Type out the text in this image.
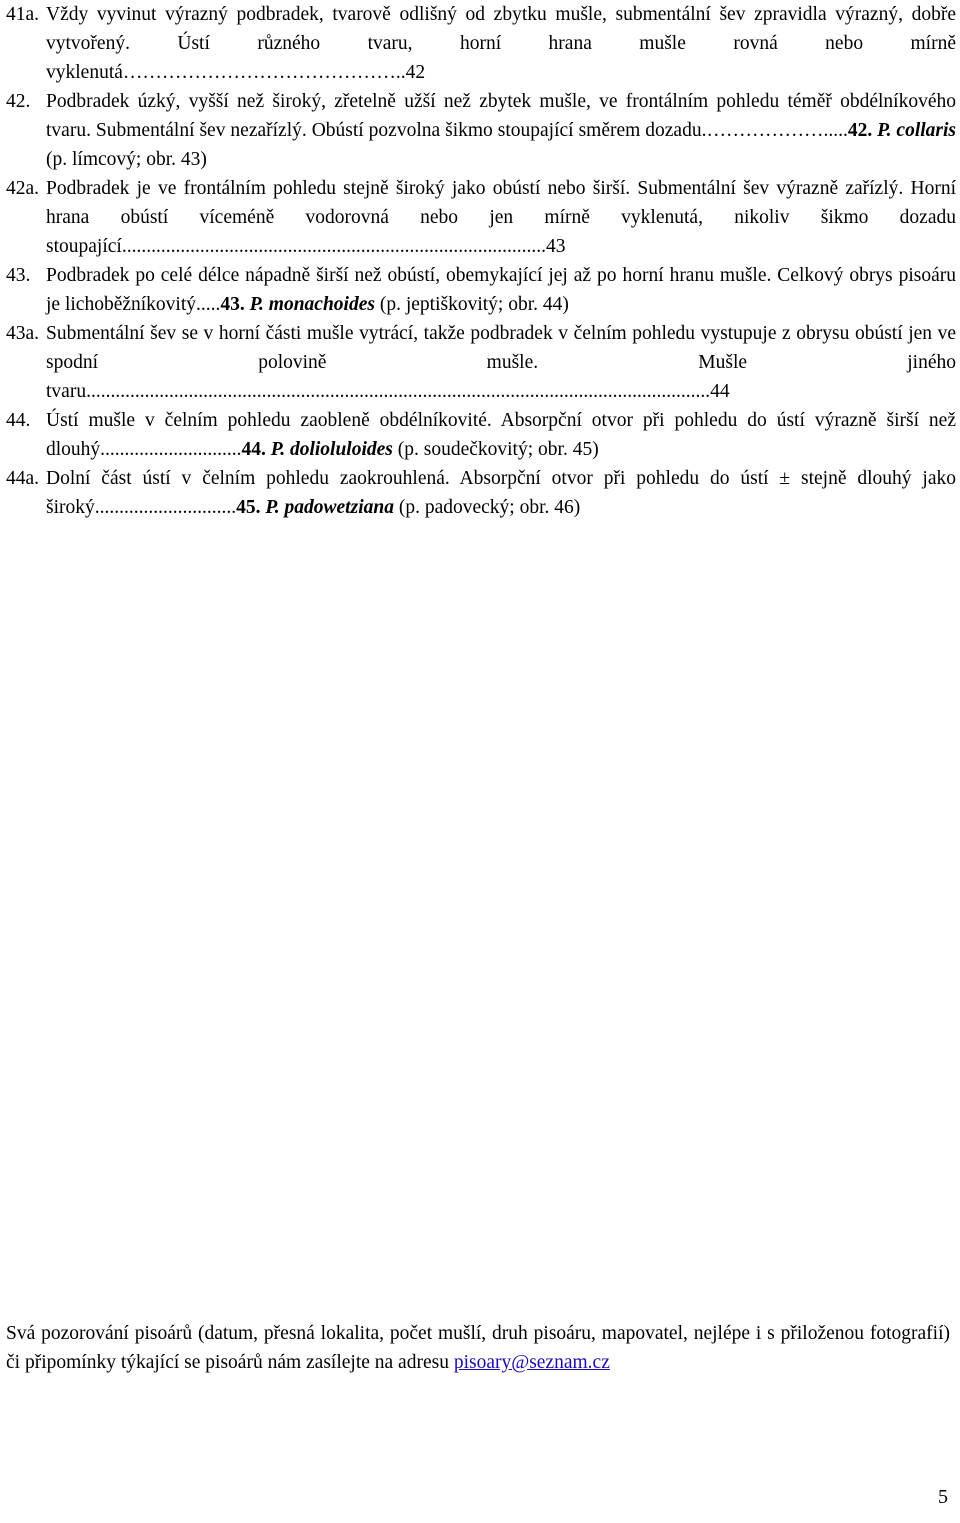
41a. Vždy vyvinut výrazný podbradek, tvarově odlišný od zbytku mušle, submentální šev zpravidla výrazný, dobře vytvořený. Ústí různého tvaru, horní hrana mušle rovná nebo mírně vyklenutá……………………………………..42
42. Podbradek úzký, vyšší než široký, zřetelně užší než zbytek mušle, ve frontálním pohledu téměř obdélníkového tvaru. Submentální šev nezařízlý. Obústí pozvolna šikmo stoupající směrem dozadu.……………….....42. P. collaris (p. límcový; obr. 43)
42a. Podbradek je ve frontálním pohledu stejně široký jako obústí nebo širší. Submentální šev výrazně zařízlý. Horní hrana obústí víceméně vodorovná nebo jen mírně vyklenutá, nikoliv šikmo dozadu stoupající.......................................................................................43
43. Podbradek po celé délce nápadně širší než obústí, obemykající jej až po horní hranu mušle. Celkový obrys pisoáru je lichoběžníkovitý.....43. P. monachoides (p. jeptiškovitý; obr. 44)
43a. Submentální šev se v horní části mušle vytrácí, takže podbradek v čelním pohledu vystupuje z obrysu obústí jen ve spodní polovině mušle. Mušle jiného tvaru................................................................................................................................44
44. Ústí mušle v čelním pohledu zaobleně obdélníkovité. Absorpční otvor při pohledu do ústí výrazně širší než dlouhý.............................44. P. dolioluloides (p. soudečkovitý; obr. 45)
44a. Dolní část ústí v čelním pohledu zaokrouhlená. Absorpční otvor při pohledu do ústí ± stejně dlouhý jako široký.............................45. P. padowetziana (p. padovecký; obr. 46)
Svá pozorování pisoárů (datum, přesná lokalita, počet mušlí, druh pisoáru, mapovatel, nejlépe i s přiloženou fotografií) či připomínky týkající se pisoárů nám zasílejte na adresu pisoary@seznam.cz
5
